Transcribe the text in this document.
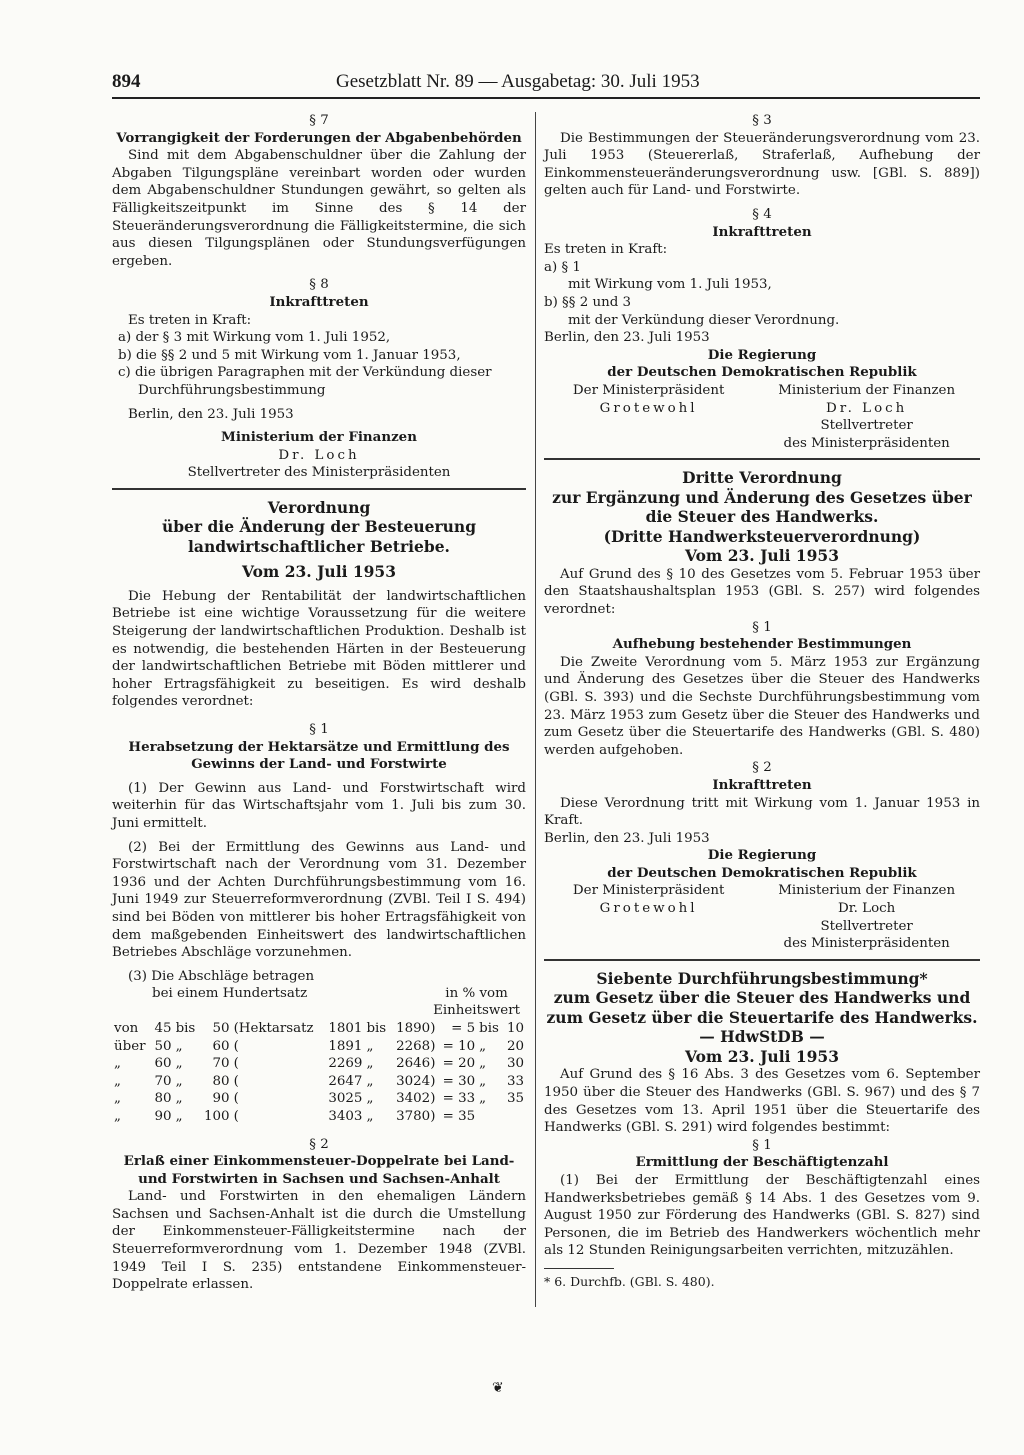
894	Gesetzblatt Nr. 89 — Ausgabetag: 30. Juli 1953
§ 7
Vorrangigkeit der Forderungen der Abgabenbehörden

Sind mit dem Abgabenschuldner über die Zahlung der Abgaben Tilgungspläne vereinbart worden oder wurden dem Abgabenschuldner Stundungen gewährt, so gelten als Fälligkeitszeitpunkt im Sinne des § 14 der Steueränderungsverordnung die Fälligkeitstermine, die sich aus diesen Tilgungsplänen oder Stundungsverfügungen ergeben.

§ 8
Inkrafttreten
Es treten in Kraft:
a) der § 3 mit Wirkung vom 1. Juli 1952,
b) die §§ 2 und 5 mit Wirkung vom 1. Januar 1953,
c) die übrigen Paragraphen mit der Verkündung dieser Durchführungsbestimmung
Berlin, den 23. Juli 1953
Ministerium der Finanzen
Dr. Loch
Stellvertreter des Ministerpräsidenten
Verordnung
über die Änderung der Besteuerung
landwirtschaftlicher Betriebe.
Vom 23. Juli 1953

Die Hebung der Rentabilität der landwirtschaftlichen Betriebe ist eine wichtige Voraussetzung für die weitere Steigerung der landwirtschaftlichen Produktion. Deshalb ist es notwendig, die bestehenden Härten in der Besteuerung der landwirtschaftlichen Betriebe mit Böden mittlerer und hoher Ertragsfähigkeit zu beseitigen. Es wird deshalb folgendes verordnet:

§ 1
Herabsetzung der Hektarsätze und Ermittlung des Gewinns der Land- und Forstwirte

(1) Der Gewinn aus Land- und Forstwirtschaft wird weiterhin für das Wirtschaftsjahr vom 1. Juli bis zum 30. Juni ermittelt.

(2) Bei der Ermittlung des Gewinns aus Land- und Forstwirtschaft nach der Verordnung vom 31. Dezember 1936 und der Achten Durchführungsbestimmung vom 16. Juni 1949 zur Steuerreformverordnung (ZVBl. Teil I S. 494) sind bei Böden von mittlerer bis hoher Ertragsfähigkeit von dem maßgebenden Einheitswert des landwirtschaftlichen Betriebes Abschläge vorzunehmen.

(3) Die Abschläge betragen
bei einem Hundertsatz	in % vom
Einheitswert
von	45	bis	50	(Hektarsatz	1801	bis	1890)	= 5	bis	10
über	50	„	60	(	1891	„	2268)	= 10	„	20
„	60	„	70	(	2269	„	2646)	= 20	„	30
„	70	„	80	(	2647	„	3024)	= 30	„	33
„	80	„	90	(	3025	„	3402)	= 33	„	35
„	90	„	100	(	3403	„	3780)	= 35		
§ 2
Erlaß einer Einkommensteuer-Doppelrate bei Land- und Forstwirten in Sachsen und Sachsen-Anhalt

Land- und Forstwirten in den ehemaligen Ländern Sachsen und Sachsen-Anhalt ist die durch die Umstellung der Einkommensteuer-Fälligkeitstermine nach der Steuerreformverordnung vom 1. Dezember 1948 (ZVBl. 1949 Teil I S. 235) entstandene Einkommensteuer-Doppelrate erlassen.

§ 3

Die Bestimmungen der Steueränderungsverordnung vom 23. Juli 1953 (Steuererlaß, Straferlaß, Aufhebung der Einkommensteueränderungsverordnung usw. [GBl. S. 889]) gelten auch für Land- und Forstwirte.

§ 4
Inkrafttreten
Es treten in Kraft:
a) § 1
mit Wirkung vom 1. Juli 1953,
b) §§ 2 und 3
mit der Verkündung dieser Verordnung.
Berlin, den 23. Juli 1953
Die Regierung
der Deutschen Demokratischen Republik
Der Ministerpräsident
Grotewohl
Ministerium der Finanzen
Dr. Loch
Stellvertreter
des Ministerpräsidenten
Dritte Verordnung
zur Ergänzung und Änderung des Gesetzes über die Steuer des Handwerks.
(Dritte Handwerksteuerverordnung)
Vom 23. Juli 1953

Auf Grund des § 10 des Gesetzes vom 5. Februar 1953 über den Staatshaushaltsplan 1953 (GBl. S. 257) wird folgendes verordnet:

§ 1
Aufhebung bestehender Bestimmungen

Die Zweite Verordnung vom 5. März 1953 zur Ergänzung und Änderung des Gesetzes über die Steuer des Handwerks (GBl. S. 393) und die Sechste Durchführungsbestimmung vom 23. März 1953 zum Gesetz über die Steuer des Handwerks und zum Gesetz über die Steuertarife des Handwerks (GBl. S. 480) werden aufgehoben.

§ 2
Inkrafttreten

Diese Verordnung tritt mit Wirkung vom 1. Januar 1953 in Kraft.

Berlin, den 23. Juli 1953
Die Regierung
der Deutschen Demokratischen Republik
Der Ministerpräsident
Grotewohl
Ministerium der Finanzen
Dr. Loch
Stellvertreter
des Ministerpräsidenten
Siebente Durchführungsbestimmung*
zum Gesetz über die Steuer des Handwerks und zum Gesetz über die Steuertarife des Handwerks.
— HdwStDB —
Vom 23. Juli 1953

Auf Grund des § 16 Abs. 3 des Gesetzes vom 6. September 1950 über die Steuer des Handwerks (GBl. S. 967) und des § 7 des Gesetzes vom 13. April 1951 über die Steuertarife des Handwerks (GBl. S. 291) wird folgendes bestimmt:

§ 1
Ermittlung der Beschäftigtenzahl

(1) Bei der Ermittlung der Beschäftigtenzahl eines Handwerksbetriebes gemäß § 14 Abs. 1 des Gesetzes vom 9. August 1950 zur Förderung des Handwerks (GBl. S. 827) sind Personen, die im Betrieb des Handwerkers wöchentlich mehr als 12 Stunden Reinigungsarbeiten verrichten, mitzuzählen.

* 6. Durchfb. (GBl. S. 480).
❦
